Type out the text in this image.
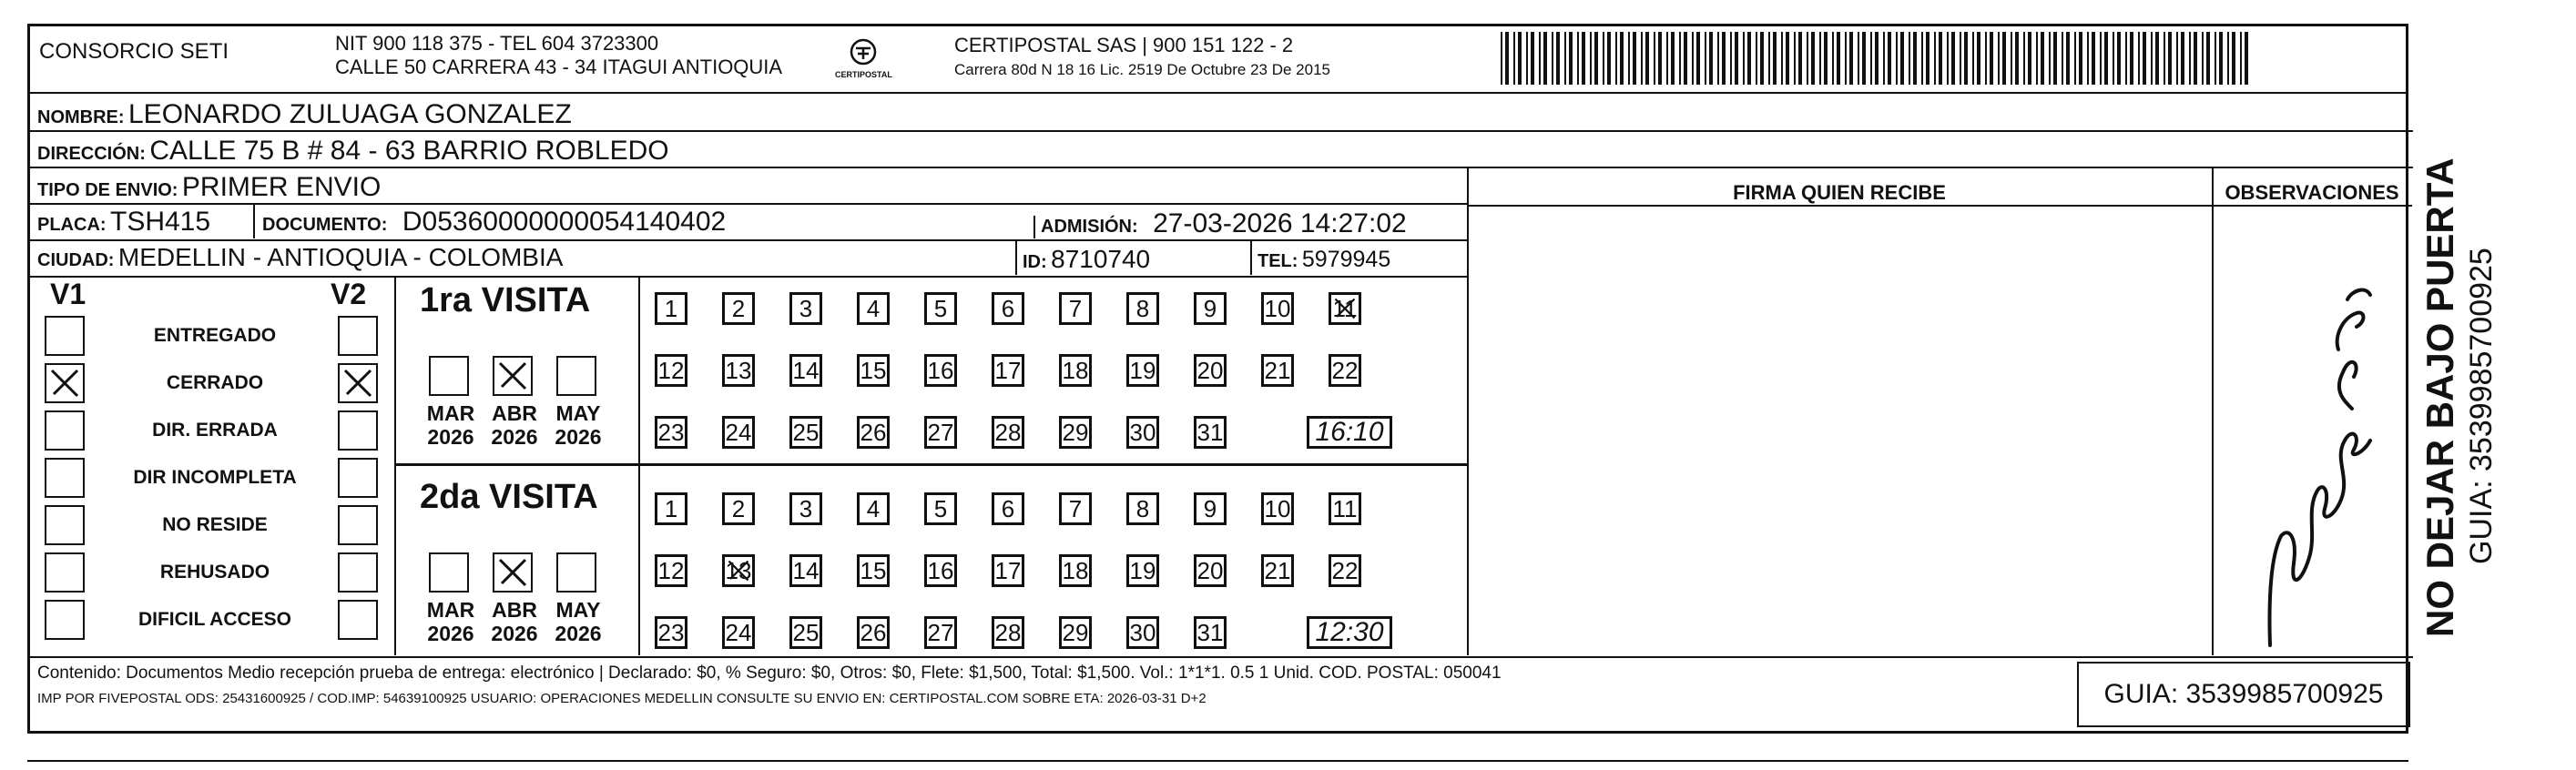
CONSORCIO SETI	NIT 900 118 375 - TEL 604 3723300
CALLE 50 CARRERA 43 - 34 ITAGUI ANTIOQUIA	CERTIPOSTAL
CERTIPOSTAL SAS | 900 151 122 - 2
Carrera 80d N 18 16 Lic. 2519 De Octubre 23 De 2015
NOMBRE: LEONARDO ZULUAGA GONZALEZ
DIRECCIÓN: CALLE 75 B # 84 - 63 BARRIO ROBLEDO
TIPO DE ENVIO: PRIMER ENVIO	FIRMA QUIEN RECIBE	OBSERVACIONES
PLACA: TSH415	DOCUMENTO: D05360000000054140402	ADMISIÓN: 27-03-2026 14:27:02
CIUDAD: MEDELLIN - ANTIOQUIA - COLOMBIA	ID: 8710740	TEL: 5979945
V1	V2
ENTREGADO
CERRADO
DIR. ERRADA
DIR INCOMPLETA
NO RESIDE
REHUSADO
DIFICIL ACCESO
1ra VISITA
MAR
2026
ABR
2026
MAY
2026
1	2	3	4	5	6	7	8	9	10 11
12 13 14 15 16 17 18 19 20 21 22
23 24 25 26 27 28 29 30 31	16:10
2da VISITA
MAR
2026
ABR
2026
MAY
2026
1	2	3	4	5	6	7	8	9	10 11
12 13 14 15 16 17 18 19 20 21 22
23 24 25 26 27 28 29 30 31	12:30
Contenido: Documentos Medio recepción prueba de entrega: electrónico | Declarado: $0, % Seguro: $0, Otros: $0, Flete: $1,500, Total: $1,500. Vol.: 1*1*1. 0.5 1 Unid. COD. POSTAL: 050041
IMP POR FIVEPOSTAL ODS: 25431600925 / COD.IMP: 54639100925 USUARIO: OPERACIONES MEDELLIN CONSULTE SU ENVIO EN: CERTIPOSTAL.COM SOBRE ETA: 2026-03-31 D+2	GUIA: 3539985700925
NO DEJAR BAJO PUERTA GUIA: 3539985700925
